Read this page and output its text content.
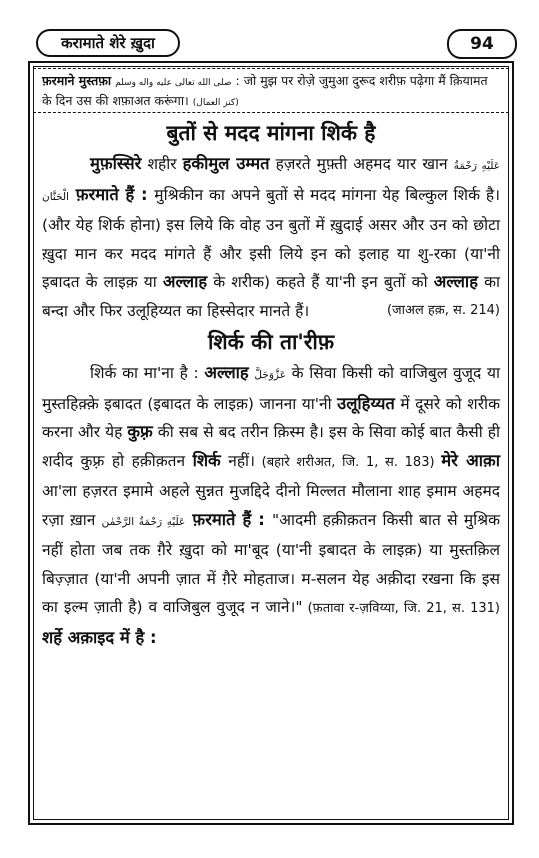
करामाते शेरे ख़ुदा	94
फ़रमाने मुस्तफ़ा صلى الله تعالى عليه واله وسلم : जो मुझ पर रोज़े जुमुआ दुरूद शरीफ़ पढ़ेगा मैं क़ियामत के दिन उस की शफ़ाअत करूंगा। (كنز العمال)

बुतों से मदद मांगना शिर्क है

मुफ़स्सिरे शहीर हकीमुल उम्मत हज़रते मुफ़्ती अहमद यार खान عَلَيْهِ رَحْمَةُ الْحَنَّان फ़रमाते हैं : मुश्रिकीन का अपने बुतों से मदद मांगना येह बिल्कुल शिर्क है। (और येह शिर्क होना) इस लिये कि वोह उन बुतों में ख़ुदाई असर और उन को छोटा ख़ुदा मान कर मदद मांगते हैं और इसी लिये इन को इलाह या शु-रका (या'नी इबादत के लाइक़ या अल्लाह के शरीक) कहते हैं या'नी इन बुतों को अल्लाह का बन्दा और फिर उलूहिय्यत का हिस्सेदार मानते हैं।	(जाअल हक़, स. 214)

शिर्क की ता'रीफ़

शिर्क का मा'ना है : अल्लाह عَزَّوَجَلَّ के सिवा किसी को वाजिबुल वुजूद या मुस्तहिक़्क़े इबादत (इबादत के लाइक़) जानना या'नी उलूहिय्यत में दूसरे को शरीक करना और येह कुफ़्र की सब से बद तरीन क़िस्म है। इस के सिवा कोई बात कैसी ही शदीद कुफ़्र हो हक़ीक़तन शिर्क नहीं। (बहारे शरीअत, जि. 1, स. 183) मेरे आक़ा आ'ला हज़रत इमामे अहले सुन्नत मुजद्दिदे दीनो मिल्लत मौलाना शाह इमाम अहमद रज़ा ख़ान عَلَيْهِ رَحْمَةُ الرَّحْمٰن फ़रमाते हैं : "आदमी हक़ीक़तन किसी बात से मुश्रिक नहीं होता जब तक ग़ैरे ख़ुदा को मा'बूद (या'नी इबादत के लाइक़) या मुस्तक़िल बिज़्ज़ात (या'नी अपनी ज़ात में ग़ैरे मोहताज। म-सलन येह अक़ीदा रखना कि इस का इल्म ज़ाती है) व वाजिबुल वुजूद न जाने।" (फ़तावा र-ज़विय्या, जि. 21, स. 131) शर्हे अक़ाइद में है :
